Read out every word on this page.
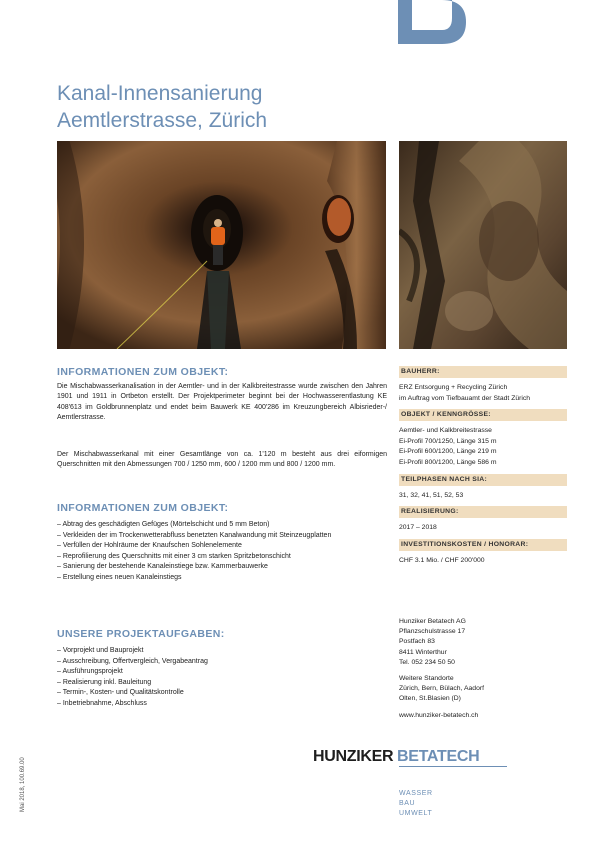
Kanal-Innensanierung
Aemtlerstrasse, Zürich
INFORMATIONEN ZUM OBJEKT:

Die Mischabwasserkanalisation in der Aemtler- und in der Kalkbreitestrasse wurde zwischen den Jahren 1901 und 1911 in Ortbeton erstellt. Der Projektperimeter beginnt bei der Hochwasserentlastung KE 408'613 im Goldbrunnenplatz und endet beim Bauwerk KE 400'286 im Kreuzungbereich Albisrieder-/ Aemtlerstrasse.

Der Mischabwasserkanal mit einer Gesamtlänge von ca. 1'120 m besteht aus drei eiformigen Querschnitten mit den Abmessungen 700 / 1250 mm, 600 / 1200 mm und 800 / 1200 mm.

INFORMATIONEN ZUM OBJEKT:
– Abtrag des geschädigten Gefüges (Mörtelschicht und 5 mm Beton)
– Verkleiden der im Trockenwetterabfluss benetzten Kanalwandung mit Steinzeugplatten
– Verfüllen der Hohlräume der Knaufschen Sohlenelemente
– Reprofilierung des Querschnitts mit einer 3 cm starken Spritzbetonschicht
– Sanierung der bestehende Kanaleinstiege bzw. Kammerbauwerke
– Erstellung eines neuen Kanaleinstiegs
UNSERE PROJEKTAUFGABEN:
– Vorprojekt und Bauprojekt
– Ausschreibung, Offertvergleich, Vergabeantrag
– Ausführungsprojekt
– Realisierung inkl. Bauleitung
– Termin-, Kosten- und Qualitätskontrolle
– Inbetriebnahme, Abschluss
BAUHERR:
ERZ Entsorgung + Recycling Zürich
im Auftrag vom Tiefbauamt der Stadt Zürich
OBJEKT / KENNGRÖSSE:
Aemtler- und Kalkbreitestrasse
Ei-Profil 700/1250, Länge 315 m
Ei-Profil 600/1200, Länge 219 m
Ei-Profil 800/1200, Länge 586 m
TEILPHASEN NACH SIA:
31, 32, 41, 51, 52, 53
REALISIERUNG:
2017 – 2018
INVESTITIONSKOSTEN / HONORAR:
CHF 3.1 Mio. / CHF 200'000
Hunziker Betatech AG
Pflanzschulstrasse 17
Postfach 83
8411 Winterthur
Tel. 052 234 50 50
Weitere Standorte
Zürich, Bern, Bülach, Aadorf
Olten, St.Blasien (D)
www.hunziker-betatech.ch
HUNZIKER BETATECH
WASSER
BAU
UMWELT
Mai 2018, 100.69.00
